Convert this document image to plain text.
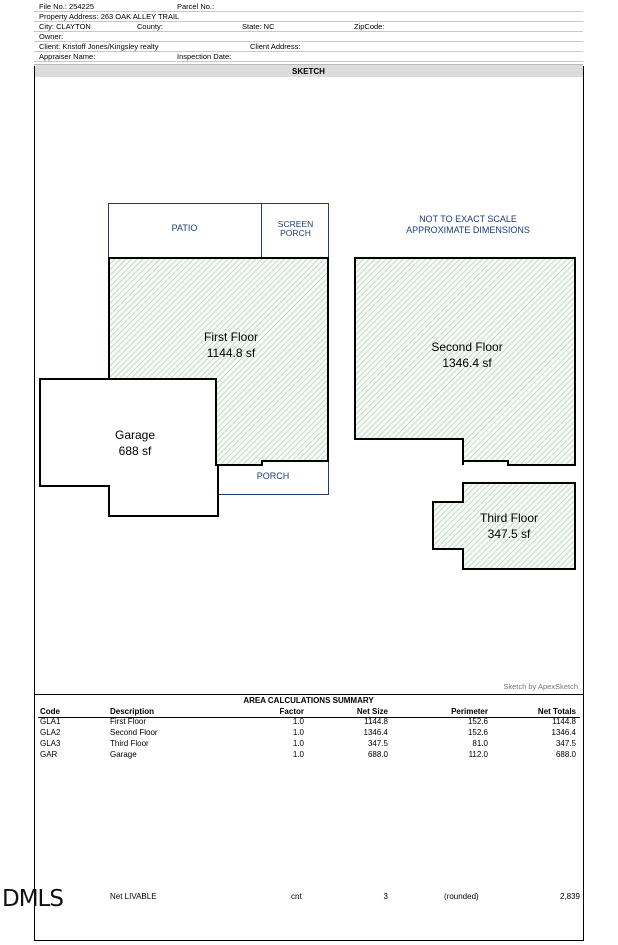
File No.: 254225	Parcel No.:
Property Address: 263 OAK ALLEY TRAIL
City: CLAYTON	County:	State: NC	ZipCode:
Owner:
Client: Kristoff Jones/Kingsley realty	Client Address:
Appraiser Name:	Inspection Date:
SKETCH
PATIO	SCREEN
PORCH
PORCH
NOT TO EXACT SCALE
APPROXIMATE DIMENSIONS
First Floor
1144.8 sf
Garage
688 sf
Second Floor
1346.4 sf
Third Floor
347.5 sf
Sketch by ApexSketch
AREA CALCULATIONS SUMMARY
Code	Description	Factor	Net Size	Perimeter	Net Totals
GLA1	First Floor	1.0	1144.8	152.6	1144.8
GLA2	Second Floor	1.0	1346.4	152.6	1346.4
GLA3	Third Floor	1.0	347.5	81.0	347.5
GAR	Garage	1.0	688.0	112.0	688.0
Net LIVABLE	cnt	3	(rounded)	2,839
DMLS
